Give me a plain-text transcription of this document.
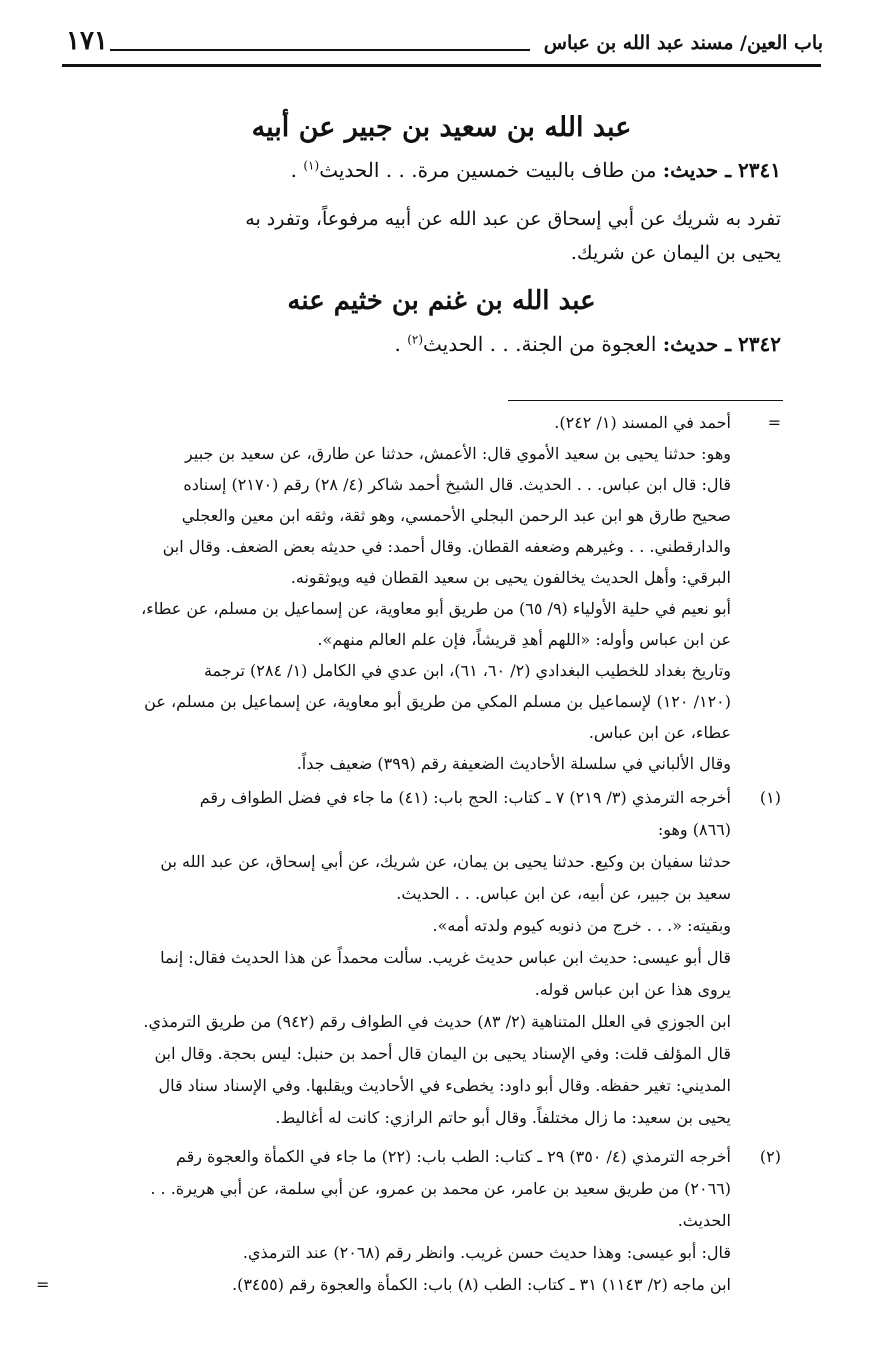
باب العين/ مسند عبد الله بن عباس
١٧١
عبد الله بن سعيد بن جبير عن أبيه
٢٣٤١ ـ حديث: من طاف بالبيت خمسين مرة. . . الحديث$^{(١)}$ .
تفرد به شريك عن أبي إسحاق عن عبد الله عن أبيه مرفوعاً، وتفرد به
يحيى بن اليمان عن شريك.
عبد الله بن غنم بن خثيم عنه
٢٣٤٢ ـ حديث: العجوة من الجنة. . . الحديث$^{(٢)}$ .
=
أحمد في المسند (١/ ٢٤٢).
وهو: حدثنا يحيى بن سعيد الأموي قال: الأعمش، حدثنا عن طارق، عن سعيد بن جبير
قال: قال ابن عباس. . . الحديث. قال الشيخ أحمد شاكر (٤/ ٢٨) رقم (٢١٧٠) إسناده
صحيح طارق هو ابن عبد الرحمن البجلي الأحمسي، وهو ثقة، وثقه ابن معين والعجلي
والدارقطني. . . وغيرهم وضعفه القطان. وقال أحمد: في حديثه بعض الضعف. وقال ابن
البرقي: وأهل الحديث يخالفون يحيى بن سعيد القطان فيه ويوثقونه.
أبو نعيم في حلية الأولياء (٩/ ٦٥) من طريق أبو معاوية، عن إسماعيل بن مسلم، عن عطاء،
عن ابن عباس وأوله: «اللهم أهدِ قريشاً، فإن علم العالم منهم».
وتاريخ بغداد للخطيب البغدادي (٢/ ٦٠، ٦١)، ابن عدي في الكامل (١/ ٢٨٤) ترجمة
(١٢٠/ ١٢٠) لإسماعيل بن مسلم المكي من طريق أبو معاوية، عن إسماعيل بن مسلم، عن
عطاء، عن ابن عباس.
وقال الألباني في سلسلة الأحاديث الضعيفة رقم (٣٩٩) ضعيف جداً.
(١)
أخرجه الترمذي (٣/ ٢١٩) ٧ ـ كتاب: الحج باب: (٤١) ما جاء في فضل الطواف رقم
(٨٦٦) وهو:
حدثنا سفيان بن وكيع. حدثنا يحيى بن يمان، عن شريك، عن أبي إسحاق، عن عبد الله بن
سعيد بن جبير، عن أبيه، عن ابن عباس. . . الحديث.
وبقيته: «. . . خرج من ذنوبه كيوم ولدته أمه».
قال أبو عيسى: حديث ابن عباس حديث غريب. سألت محمداً عن هذا الحديث فقال: إنما
يروى هذا عن ابن عباس قوله.
ابن الجوزي في العلل المتناهية (٢/ ٨٣) حديث في الطواف رقم (٩٤٢) من طريق الترمذي.
قال المؤلف قلت: وفي الإسناد يحيى بن اليمان قال أحمد بن حنبل: ليس بحجة. وقال ابن
المديني: تغير حفظه. وقال أبو داود: يخطىء في الأحاديث ويقلبها. وفي الإسناد سناد قال
يحيى بن سعيد: ما زال مختلفاً. وقال أبو حاتم الرازي: كانت له أغاليط.
(٢)
أخرجه الترمذي (٤/ ٣٥٠) ٢٩ ـ كتاب: الطب باب: (٢٢) ما جاء في الكمأة والعجوة رقم
(٢٠٦٦) من طريق سعيد بن عامر، عن محمد بن عمرو، عن أبي سلمة، عن أبي هريرة. . .
الحديث.
قال: أبو عيسى: وهذا حديث حسن غريب. وانظر رقم (٢٠٦٨) عند الترمذي.
ابن ماجه (٢/ ١١٤٣) ٣١ ـ كتاب: الطب (٨) باب: الكمأة والعجوة رقم (٣٤٥٥).
=
